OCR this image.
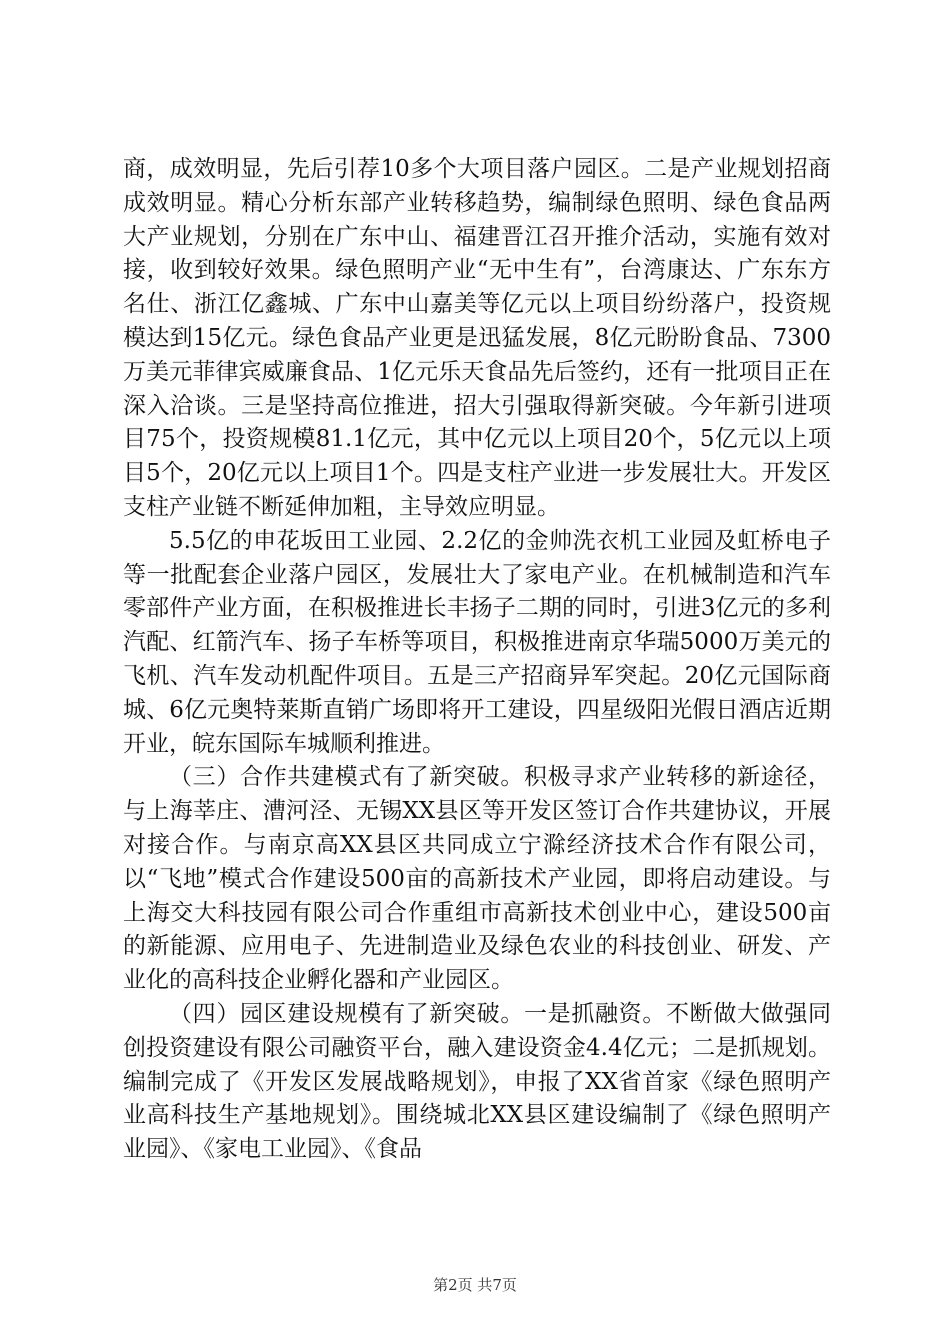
商，成效明显，先后引荐10多个大项目落户园区。二是产业规划招商成效明显。精心分析东部产业转移趋势，编制绿色照明、绿色食品两大产业规划，分别在广东中山、福建晋江召开推介活动，实施有效对接，收到较好效果。绿色照明产业“无中生有”，台湾康达、广东东方名仕、浙江亿鑫城、广东中山嘉美等亿元以上项目纷纷落户，投资规模达到15亿元。绿色食品产业更是迅猛发展，8亿元盼盼食品、7300万美元菲律宾威廉食品、1亿元乐天食品先后签约，还有一批项目正在深入洽谈。三是坚持高位推进，招大引强取得新突破。今年新引进项目75个，投资规模81.1亿元，其中亿元以上项目20个，5亿元以上项目5个，20亿元以上项目1个。四是支柱产业进一步发展壮大。开发区支柱产业链不断延伸加粗，主导效应明显。

5.5亿的申花坂田工业园、2.2亿的金帅洗衣机工业园及虹桥电子等一批配套企业落户园区，发展壮大了家电产业。在机械制造和汽车零部件产业方面，在积极推进长丰扬子二期的同时，引进3亿元的多利汽配、红箭汽车、扬子车桥等项目，积极推进南京华瑞5000万美元的飞机、汽车发动机配件项目。五是三产招商异军突起。20亿元国际商城、6亿元奥特莱斯直销广场即将开工建设，四星级阳光假日酒店近期开业，皖东国际车城顺利推进。

（三）合作共建模式有了新突破。积极寻求产业转移的新途径，与上海莘庄、漕河泾、无锡XX县区等开发区签订合作共建协议，开展对接合作。与南京高XX县区共同成立宁滁经济技术合作有限公司，以“飞地”模式合作建设500亩的高新技术产业园，即将启动建设。与上海交大科技园有限公司合作重组市高新技术创业中心，建设500亩的新能源、应用电子、先进制造业及绿色农业的科技创业、研发、产业化的高科技企业孵化器和产业园区。

（四）园区建设规模有了新突破。一是抓融资。不断做大做强同创投资建设有限公司融资平台，融入建设资金4.4亿元；二是抓规划。编制完成了《开发区发展战略规划》，申报了XX省首家《绿色照明产业高科技生产基地规划》。围绕城北XX县区建设编制了《绿色照明产业园》、《家电工业园》、《食品

第2页 共7页
